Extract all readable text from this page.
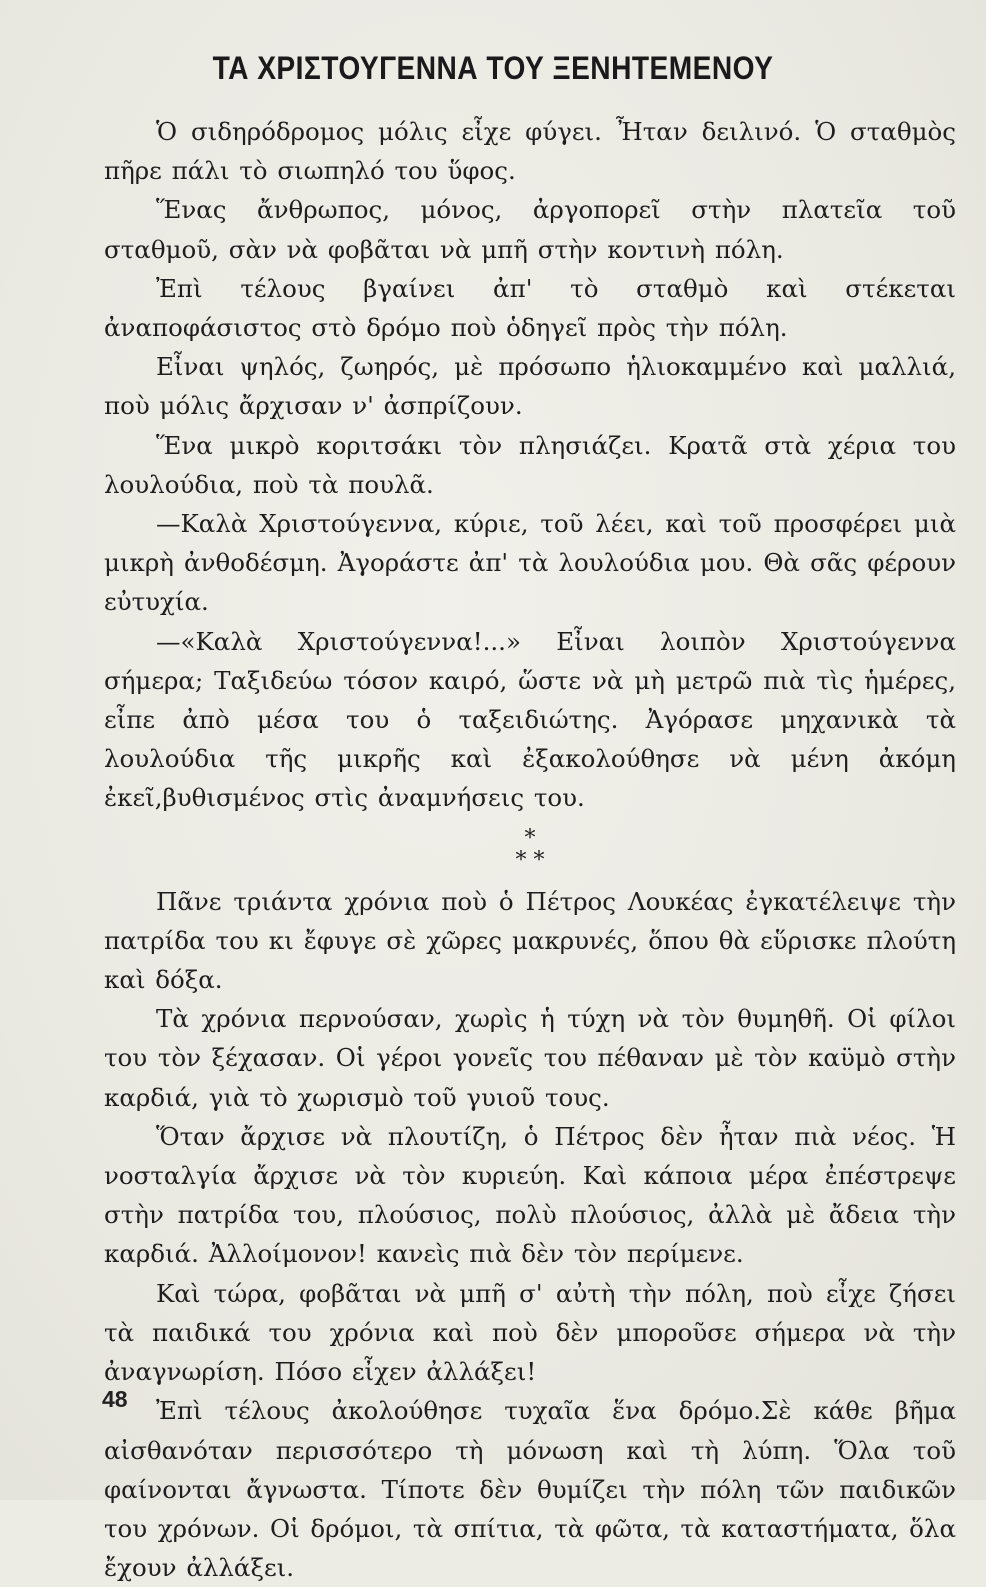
ΤΑ ΧΡΙΣΤΟΥΓΕΝΝΑ ΤΟΥ ΞΕΝΗΤΕΜΕΝΟΥ

Ὁ σιδηρόδρομος μόλις εἶχε φύγει. Ἦταν δειλινό. Ὁ σταθμὸς πῆρε πάλι τὸ σιωπηλό του ὕφος.

Ἕνας ἄνθρωπος, μόνος, ἀργοπορεῖ στὴν πλατεῖα τοῦ σταθμοῦ, σὰν νὰ φοβᾶται νὰ μπῆ στὴν κοντινὴ πόλη.

Ἐπὶ τέλους βγαίνει ἀπ' τὸ σταθμὸ καὶ στέκεται ἀναποφάσιστος στὸ δρόμο ποὺ ὁδηγεῖ πρὸς τὴν πόλη.

Εἶναι ψηλός, ζωηρός, μὲ πρόσωπο ἡλιοκαμμένο καὶ μαλλιά, ποὺ μόλις ἄρχισαν ν' ἀσπρίζουν.

Ἕνα μικρὸ κοριτσάκι τὸν πλησιάζει. Κρατᾶ στὰ χέρια του λουλούδια, ποὺ τὰ πουλᾶ.

—Καλὰ Χριστούγεννα, κύριε, τοῦ λέει, καὶ τοῦ προσφέρει μιὰ μικρὴ ἀνθοδέσμη. Ἀγοράστε ἀπ' τὰ λουλούδια μου. Θὰ σᾶς φέρουν εὐτυχία.

—«Καλὰ Χριστούγεννα!...» Εἶναι λοιπὸν Χριστούγεννα σήμερα; Ταξιδεύω τόσον καιρό, ὥστε νὰ μὴ μετρῶ πιὰ τὶς ἡμέρες, εἶπε ἀπὸ μέσα του ὁ ταξειδιώτης. Ἀγόρασε μηχανικὰ τὰ λουλούδια τῆς μικρῆς καὶ ἐξακολούθησε νὰ μένη ἀκόμη ἐκεῖ,βυθισμένος στὶς ἀναμνήσεις του.

*
* *

Πᾶνε τριάντα χρόνια ποὺ ὁ Πέτρος Λουκέας ἐγκατέλειψε τὴν πατρίδα του κι ἔφυγε σὲ χῶρες μακρυνές, ὅπου θὰ εὕρισκε πλούτη καὶ δόξα.

Τὰ χρόνια περνούσαν, χωρὶς ἡ τύχη νὰ τὸν θυμηθῆ. Οἱ φίλοι του τὸν ξέχασαν. Οἱ γέροι γονεῖς του πέθαναν μὲ τὸν καϋμὸ στὴν καρδιά, γιὰ τὸ χωρισμὸ τοῦ γυιοῦ τους.

Ὅταν ἄρχισε νὰ πλουτίζη, ὁ Πέτρος δὲν ἦταν πιὰ νέος. Ἡ νοσταλγία ἄρχισε νὰ τὸν κυριεύη. Καὶ κάποια μέρα ἐπέστρεψε στὴν πατρίδα του, πλούσιος, πολὺ πλούσιος, ἀλλὰ μὲ ἄδεια τὴν καρδιά. Ἀλλοίμονον! κανεὶς πιὰ δὲν τὸν περίμενε.

Καὶ τώρα, φοβᾶται νὰ μπῆ σ' αὐτὴ τὴν πόλη, ποὺ εἶχε ζήσει τὰ παιδικά του χρόνια καὶ ποὺ δὲν μποροῦσε σήμερα νὰ τὴν ἀναγνωρίση. Πόσο εἶχεν ἀλλάξει!

Ἐπὶ τέλους ἀκολούθησε τυχαῖα ἕνα δρόμο.Σὲ κάθε βῆμα αἰσθανόταν περισσότερο τὴ μόνωση καὶ τὴ λύπη. Ὅλα τοῦ φαίνονται ἄγνωστα. Τίποτε δὲν θυμίζει τὴν πόλη τῶν παιδικῶν του χρόνων. Οἱ δρόμοι, τὰ σπίτια, τὰ φῶτα, τὰ καταστήματα, ὅλα ἔχουν ἀλλάξει.

48
